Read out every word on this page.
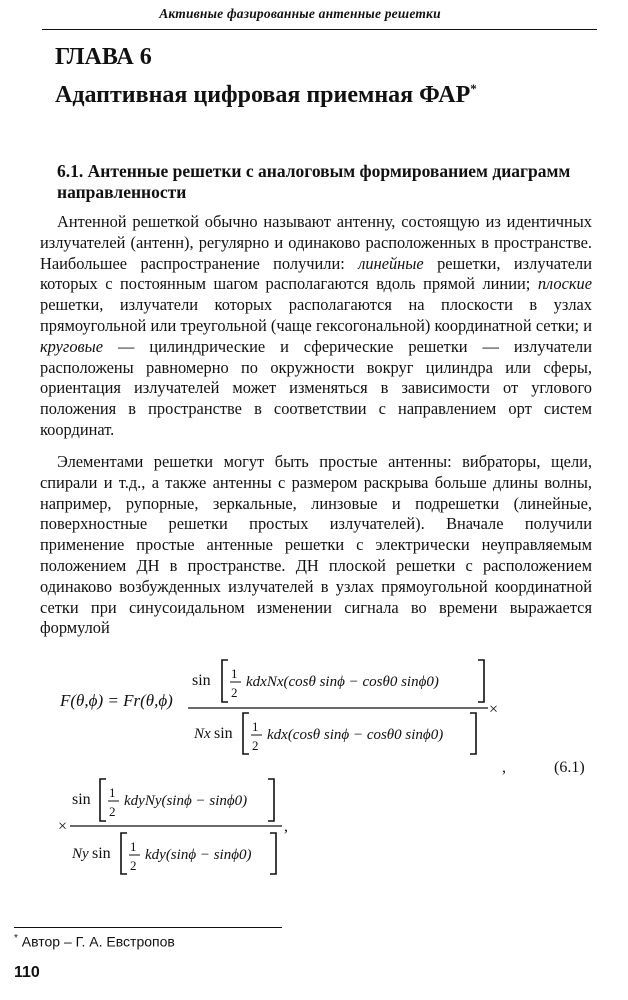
Активные фазированные антенные решетки
ГЛАВА 6
Адаптивная цифровая приемная ФАР*
6.1. Антенные решетки с аналоговым формированием диаграмм направленности

Антенной решеткой обычно называют антенну, состоящую из идентичных излучателей (антенн), регулярно и одинаково расположенных в пространстве. Наибольшее распространение получили: линейные решетки, излучатели которых с постоянным шагом располагаются вдоль прямой линии; плоские решетки, излучатели которых располагаются на плоскости в узлах прямоугольной или треугольной (чаще гексогональной) координатной сетки; и круговые — цилиндрические и сферические решетки — излучатели расположены равномерно по окружности вокруг цилиндра или сферы, ориентация излучателей может изменяться в зависимости от углового положения в пространстве в соответствии с направлением орт систем координат.

Элементами решетки могут быть простые антенны: вибраторы, щели, спирали и т.д., а также антенны с размером раскрыва больше длины волны, например, рупорные, зеркальные, линзовые и подрешетки (линейные, поверхностные решетки простых излучателей). Вначале получили применение простые антенные решетки с электрически неуправляемым положением ДН в пространстве. ДН плоской решетки с расположением одинаково возбужденных излучателей в узлах прямоугольной координатной сетки при синусоидальном изменении сигнала во времени выражается формулой

F(θ,ϕ) = Fr(θ,ϕ)
sin 1
2
kdxNx(cosθ sinϕ − cosθ0 sinϕ0)
×
Nx sin 1
2
kdx(cosθ sinϕ − cosθ0 sinϕ0)
,	(6.1)
sin 1
2
kdyNy(sinϕ − sinϕ0)
×	,
Ny sin 1
2
kdy(sinϕ − sinϕ0)
* Автор – Г. А. Евстропов
110
